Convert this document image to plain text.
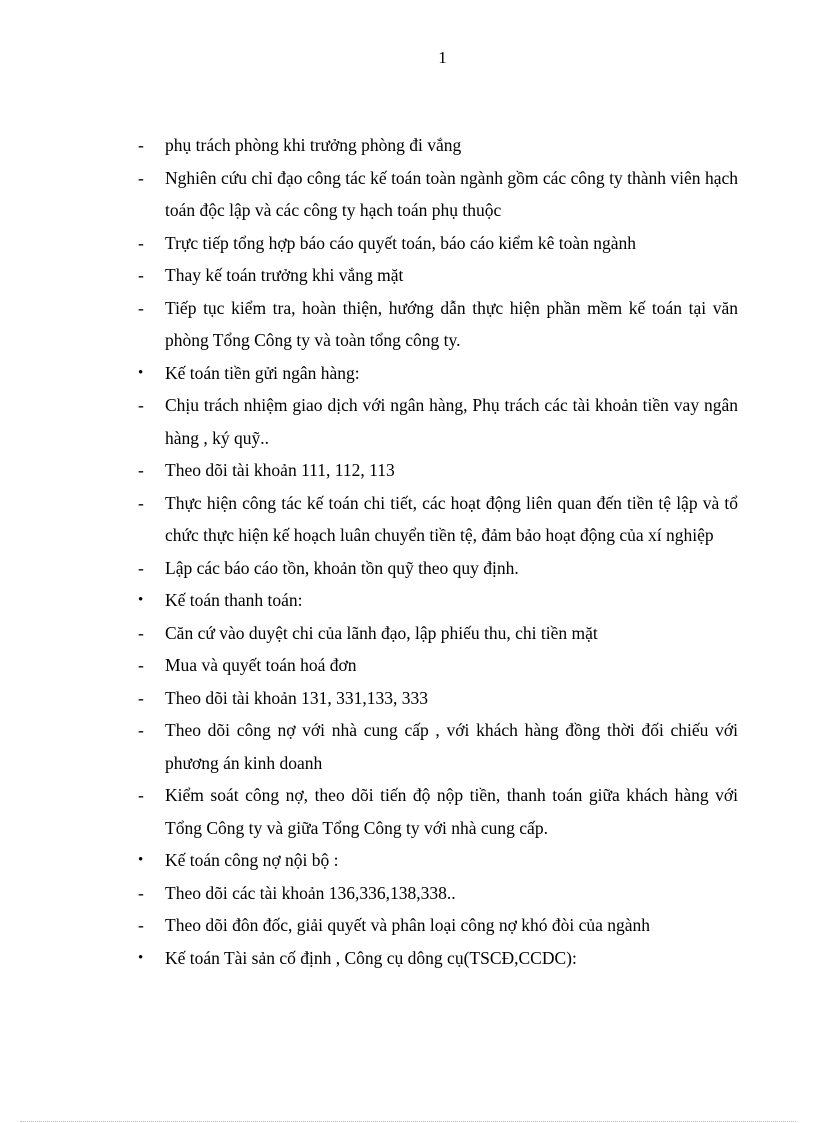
1
-	phụ trách phòng khi trưởng phòng đi vắng
-	Nghiên cứu chỉ đạo công tác kế toán toàn ngành gồm các công ty thành viên hạch toán độc lập và các công ty hạch toán phụ thuộc
-	Trực tiếp tổng hợp báo cáo quyết toán, báo cáo kiểm kê toàn ngành
-	Thay kế toán trưởng khi vắng mặt
-	Tiếp tục kiểm tra, hoàn thiện, hướng dẫn thực hiện phần mềm kế toán tại văn phòng Tổng Công ty và toàn tổng công ty.
•	Kế toán tiền gửi ngân hàng:
-	Chịu trách nhiệm giao dịch với ngân hàng, Phụ trách các tài khoản tiền vay ngân hàng , ký quỹ..
-	Theo dõi tài khoản 111, 112, 113
-	Thực hiện công tác kế toán chi tiết, các hoạt động liên quan đến tiền tệ lập và tổ chức thực hiện kế hoạch luân chuyển tiền tệ, đảm bảo hoạt động của xí nghiệp
-	Lập các báo cáo tồn, khoản tồn quỹ theo quy định.
•	Kế toán thanh toán:
-	Căn cứ vào duyệt chi của lãnh đạo, lập phiếu thu, chi tiền mặt
-	Mua và quyết toán hoá đơn
-	Theo dõi tài khoản 131, 331,133, 333
-	Theo dõi công nợ với nhà cung cấp , với khách hàng đồng thời đối chiếu với phương án kinh doanh
-	Kiểm soát công nợ, theo dõi tiến độ nộp tiền, thanh toán giữa khách hàng với Tổng Công ty và giữa Tổng Công ty với nhà cung cấp.
•	Kế toán công nợ nội bộ :
-	Theo dõi các tài khoản 136,336,138,338..
-	Theo dõi đôn đốc, giải quyết và phân loại công nợ khó đòi của ngành
•	Kế toán Tài sản cố định , Công cụ dông cụ(TSCĐ,CCDC):
